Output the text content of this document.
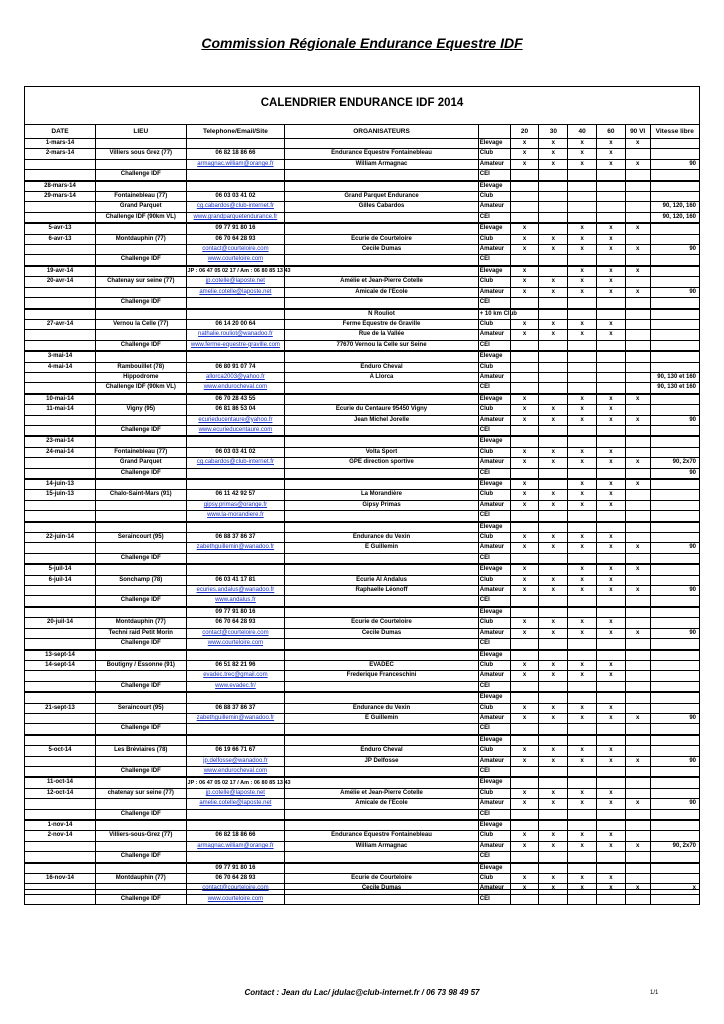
Commission Régionale Endurance Equestre IDF
CALENDRIER ENDURANCE IDF 2014
DATE	LIEU	Telephone/Email/Site	ORGANISATEURS		20	30	40	60	90 VI	Vitesse libre
1-mars-14				Elevage	x	x	x	x	x	
2-mars-14	Villiers sous Grez (77)	06 82 18 86 66	Endurance Equestre Fontainebleau	Club	x	x	x	x		
		armagnac.william@orange.fr	William Armagnac	Amateur	x	x	x	x	x	90
	Challenge IDF			CEI						
28-mars-14				Elevage						
29-mars-14	Fontainebleau (77)	06 03 03 41 02	Grand Parquet Endurance	Club						
	Grand Parquet	cg.cabardos@club-internet.fr	Gilles Cabardos	Amateur						90, 120, 160
	Challenge IDF (90km VL)	www.grandparquetendurance.fr		CEI						90, 120, 160
5-avr-13		09 77 91 80 16		Elevage	x		x	x	x	
6-avr-13	Montdauphin (77)	06 70 64 28 93	Ecurie de Courteloire	Club	x	x	x	x		
		contact@courteloire.com	Cecile Dumas	Amateur	x	x	x	x	x	90
	Challenge IDF	www.courteloire.com		CEI						
19-avr-14		JP : 06 47 05 02 17 / Am : 06 80 85 13 43		Elevage	x		x	x	x	
20-avr-14	Chatenay sur seine (77)	jp.cotelle@laposte.net	Amélie et Jean-Pierre Cotelle	Club	x	x	x	x		
		amelie.cotelle@laposte.net	Amicale de l'Ecole	Amateur	x	x	x	x	x	90
	Challenge IDF			CEI						
			N Rouliot	+ 10 km Club						
27-avr-14	Vernou la Celle (77)	06 14 20 00 64	Ferme Equestre de Graville	Club	x	x	x	x		
		nathalie.rouliot@wanadoo.fr	Rue de la Vallée	Amateur	x	x	x	x		
	Challenge IDF	www.ferme-equestre-graville.com	77670 Vernou la Celle sur Seine	CEI						
3-mai-14				Elevage						
4-mai-14	Rambouillet (78)	06 80 91 07 74	Enduro Cheval	Club						
	Hippodrome	allorca2003@yahoo.fr	A Llorca	Amateur						90, 130 et 160
	Challenge IDF (90km VL)	www.endurocheval.com		CEI						90, 130 et 160
10-mai-14		06 70 28 43 55		Elevage	x		x	x	x	
11-mai-14	Vigny (95)	06 81 86 53 04	Ecurie du Centaure 95450 Vigny	Club	x	x	x	x		
		ecurieducentaure@yahoo.fr	Jean Michel Jorelle	Amateur	x	x	x	x	x	90
	Challenge IDF	www.ecurieducentaure.com		CEI						
23-mai-14				Elevage						
24-mai-14	Fontainebleau (77)	06 03 03 41 02	Volta Sport	Club	x	x	x	x		
	Grand Parquet	cg.cabardos@club-internet.fr	GPE direction sportive	Amateur	x	x	x	x	x	90, 2x70
	Challenge IDF			CEI						90
14-juin-13				Elevage	x		x	x	x	
15-juin-13	Chalo-Saint-Mars (91)	06 11 42 92 57	La Morandière	Club	x	x	x	x		
		gipsy.primas@orange.fr	Gipsy Primas	Amateur	x	x	x	x		
		www.la-morandiere.fr		CEI						
				Elevage						
22-juin-14	Seraincourt (95)	06 88 37 86 37	Endurance du Vexin	Club	x	x	x	x		
		zabethguillemin@wanadoo.fr	E Guillemin	Amateur	x	x	x	x	x	90
	Challenge IDF			CEI						
5-juil-14				Elevage	x		x	x	x	
6-juil-14	Sonchamp (78)	06 03 41 17 81	Ecurie Al Andalus	Club	x	x	x	x		
		ecuries.andalus@wanadoo.fr	Raphaelle Léonoff	Amateur	x	x	x	x	x	90
	Challenge IDF	www.andalus.fr		CEI						
		09 77 91 80 16		Elevage						
20-juil-14	Montdauphin (77)	06 70 64 28 93	Ecurie de Courteloire	Club	x	x	x	x		
	Techni raid Petit Morin	contact@courteloire.com	Cecile Dumas	Amateur	x	x	x	x	x	90
	Challenge IDF	www.courteloire.com		CEI						
13-sept-14				Elevage						
14-sept-14	Boutigny / Essonne (91)	06 51 82 21 96	EVADEC	Club	x	x	x	x		
		evadec.trec@gmail.com	Frederique Franceschini	Amateur	x	x	x	x		
	Challenge IDF	www.evadec.fr/		CEI						
				Elevage						
21-sept-13	Seraincourt (95)	06 88 37 86 37	Endurance du Vexin	Club	x	x	x	x		
		zabethguillemin@wanadoo.fr	E Guillemin	Amateur	x	x	x	x	x	90
	Challenge IDF			CEI						
				Elevage						
5-oct-14	Les Bréviaires (78)	06 19 66 71 67	Enduro Cheval	Club	x	x	x	x		
		jp.delfosse@wanadoo.fr	JP Delfosse	Amateur	x	x	x	x	x	90
	Challenge IDF	www.endurocheval.com		CEI						
11-oct-14		JP : 06 47 05 02 17 / Am : 06 80 85 13 43		Elevage						
12-oct-14	chatenay sur seine (77)	jp.cotelle@laposte.net	Amélie et Jean-Pierre Cotelle	Club	x	x	x	x		
		amelie.cotelle@laposte.net	Amicale de l'Ecole	Amateur	x	x	x	x	x	90
	Challenge IDF			CEI						
1-nov-14				Elevage						
2-nov-14	Villiers-sous-Grez (77)	06 82 18 86 66	Endurance Equestre Fontainebleau	Club	x	x	x	x		
		armagnac.william@orange.fr	William Armagnac	Amateur	x	x	x	x	x	90, 2x70
	Challenge IDF			CEI						
		09 77 91 80 16		Elevage						
16-nov-14	Montdauphin (77)	06 70 64 28 93	Ecurie de Courteloire	Club	x	x	x	x		
		contact@courteloire.com	Cecile Dumas	Amateur	x	x	x	x	x	x
	Challenge IDF	www.courteloire.com		CEI						
Contact : Jean du Lac/ jdulac@club-internet.fr / 06 73 98 49 57	1/1
